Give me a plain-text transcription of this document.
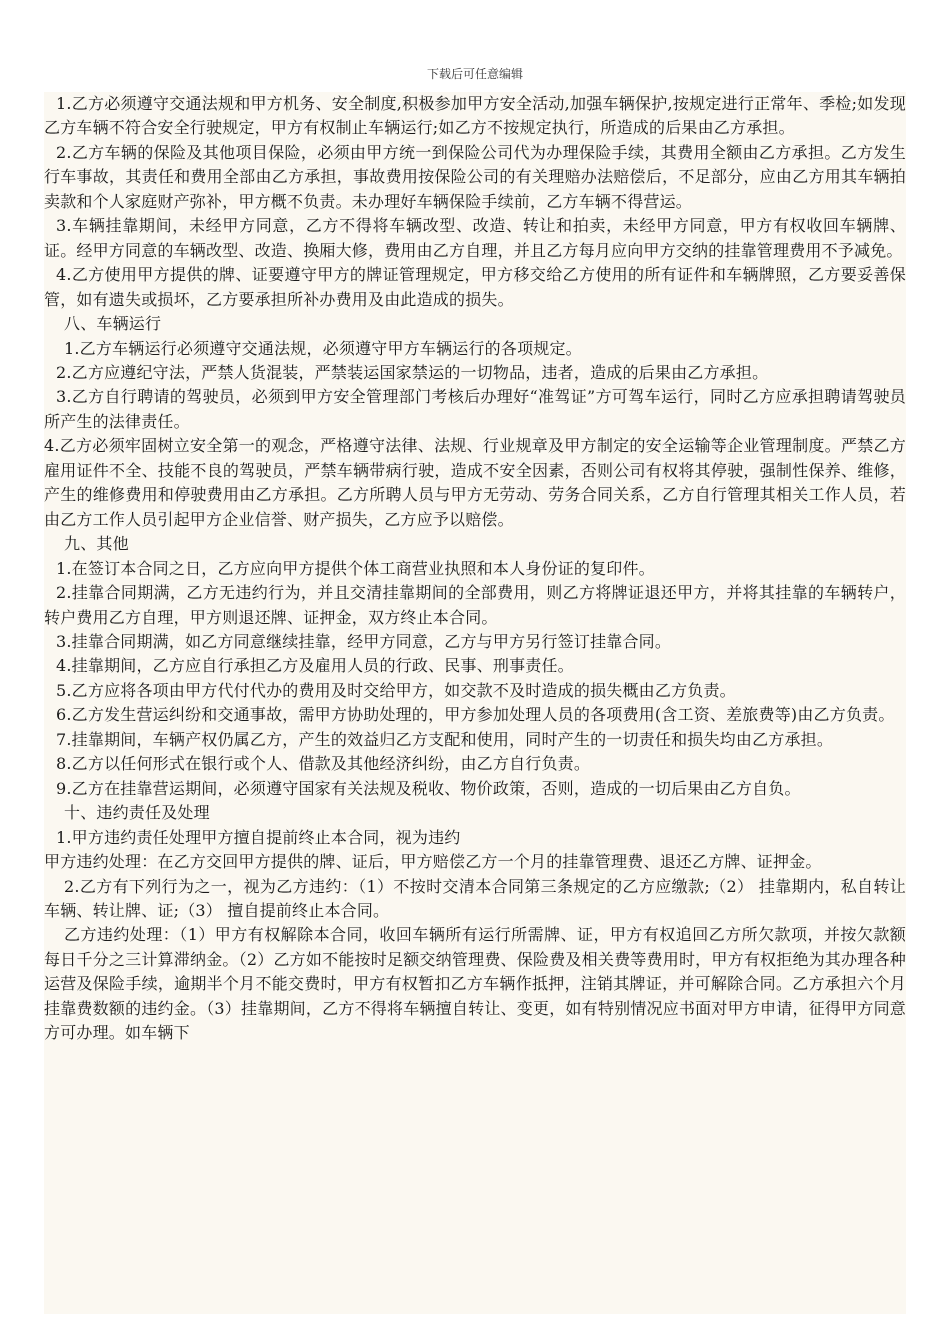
下载后可任意编辑

1.乙方必须遵守交通法规和甲方机务、安全制度,积极参加甲方安全活动,加强车辆保护,按规定进行正常年、季检;如发现乙方车辆不符合安全行驶规定，甲方有权制止车辆运行;如乙方不按规定执行，所造成的后果由乙方承担。

2.乙方车辆的保险及其他项目保险，必须由甲方统一到保险公司代为办理保险手续，其费用全额由乙方承担。乙方发生行车事故，其责任和费用全部由乙方承担，事故费用按保险公司的有关理赔办法赔偿后，不足部分，应由乙方用其车辆拍卖款和个人家庭财产弥补，甲方概不负责。未办理好车辆保险手续前，乙方车辆不得营运。

3.车辆挂靠期间，未经甲方同意，乙方不得将车辆改型、改造、转让和拍卖，未经甲方同意，甲方有权收回车辆牌、证。经甲方同意的车辆改型、改造、换厢大修，费用由乙方自理，并且乙方每月应向甲方交纳的挂靠管理费用不予减免。

4.乙方使用甲方提供的牌、证要遵守甲方的牌证管理规定，甲方移交给乙方使用的所有证件和车辆牌照，乙方要妥善保管，如有遗失或损坏，乙方要承担所补办费用及由此造成的损失。

八、车辆运行

1.乙方车辆运行必须遵守交通法规，必须遵守甲方车辆运行的各项规定。

2.乙方应遵纪守法，严禁人货混装，严禁装运国家禁运的一切物品，违者，造成的后果由乙方承担。

3.乙方自行聘请的驾驶员，必须到甲方安全管理部门考核后办理好“准驾证”方可驾车运行，同时乙方应承担聘请驾驶员所产生的法律责任。

4.乙方必须牢固树立安全第一的观念，严格遵守法律、法规、行业规章及甲方制定的安全运输等企业管理制度。严禁乙方雇用证件不全、技能不良的驾驶员，严禁车辆带病行驶，造成不安全因素，否则公司有权将其停驶，强制性保养、维修，产生的维修费用和停驶费用由乙方承担。乙方所聘人员与甲方无劳动、劳务合同关系，乙方自行管理其相关工作人员，若由乙方工作人员引起甲方企业信誉、财产损失，乙方应予以赔偿。

九、其他

1.在签订本合同之日，乙方应向甲方提供个体工商营业执照和本人身份证的复印件。

2.挂靠合同期满，乙方无违约行为，并且交清挂靠期间的全部费用，则乙方将牌证退还甲方，并将其挂靠的车辆转户，转户费用乙方自理，甲方则退还牌、证押金，双方终止本合同。

3.挂靠合同期满，如乙方同意继续挂靠，经甲方同意，乙方与甲方另行签订挂靠合同。

4.挂靠期间，乙方应自行承担乙方及雇用人员的行政、民事、刑事责任。

5.乙方应将各项由甲方代付代办的费用及时交给甲方，如交款不及时造成的损失概由乙方负责。

6.乙方发生营运纠纷和交通事故，需甲方协助处理的，甲方参加处理人员的各项费用(含工资、差旅费等)由乙方负责。

7.挂靠期间，车辆产权仍属乙方，产生的效益归乙方支配和使用，同时产生的一切责任和损失均由乙方承担。

8.乙方以任何形式在银行或个人、借款及其他经济纠纷，由乙方自行负责。

9.乙方在挂靠营运期间，必须遵守国家有关法规及税收、物价政策，否则，造成的一切后果由乙方自负。

十、违约责任及处理

1.甲方违约责任处理甲方擅自提前终止本合同，视为违约

甲方违约处理：在乙方交回甲方提供的牌、证后，甲方赔偿乙方一个月的挂靠管理费、退还乙方牌、证押金。

2.乙方有下列行为之一，视为乙方违约：（1）不按时交清本合同第三条规定的乙方应缴款;（2） 挂靠期内，私自转让车辆、转让牌、证;（3） 擅自提前终止本合同。

乙方违约处理：（1）甲方有权解除本合同，收回车辆所有运行所需牌、证，甲方有权追回乙方所欠款项，并按欠款额每日千分之三计算滞纳金。（2）乙方如不能按时足额交纳管理费、保险费及相关费等费用时，甲方有权拒绝为其办理各种运营及保险手续，逾期半个月不能交费时，甲方有权暂扣乙方车辆作抵押，注销其牌证，并可解除合同。乙方承担六个月挂靠费数额的违约金。（3）挂靠期间，乙方不得将车辆擅自转让、变更，如有特别情况应书面对甲方申请，征得甲方同意方可办理。如车辆下
